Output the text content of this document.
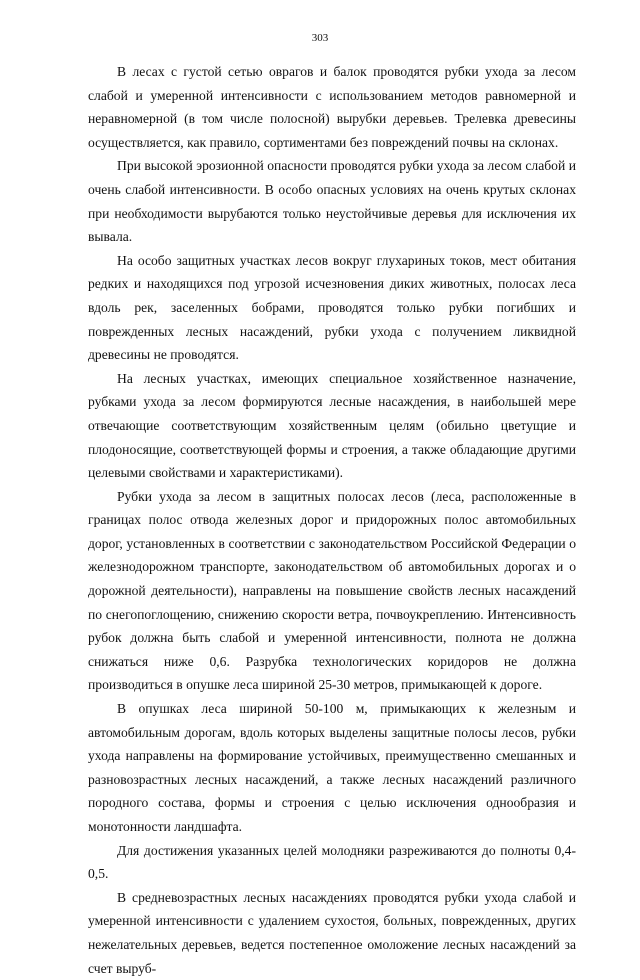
303

В лесах с густой сетью оврагов и балок проводятся рубки ухода за лесом слабой и умеренной интенсивности с использованием методов равномерной и неравномерной (в том числе полосной) вырубки деревьев. Трелевка древесины осуществляется, как правило, сортиментами без повреждений почвы на склонах.

При высокой эрозионной опасности проводятся рубки ухода за лесом слабой и очень слабой интенсивности. В особо опасных условиях на очень крутых склонах при необходимости вырубаются только неустойчивые деревья для исключения их вывала.

На особо защитных участках лесов вокруг глухариных токов, мест обитания редких и находящихся под угрозой исчезновения диких животных, полосах леса вдоль рек, заселенных бобрами, проводятся только рубки погибших и поврежденных лесных насаждений, рубки ухода с получением ликвидной древесины не проводятся.

На лесных участках, имеющих специальное хозяйственное назначение, рубками ухода за лесом формируются лесные насаждения, в наибольшей мере отвечающие соответствующим хозяйственным целям (обильно цветущие и плодоносящие, соответствующей формы и строения, а также обладающие другими целевыми свойствами и характеристиками).

Рубки ухода за лесом в защитных полосах лесов (леса, расположенные в границах полос отвода железных дорог и придорожных полос автомобильных дорог, установленных в соответствии с законодательством Российской Федерации о железнодорожном транспорте, законодательством об автомобильных дорогах и о дорожной деятельности), направлены на повышение свойств лесных насаждений по снегопоглощению, снижению скорости ветра, почвоукреплению. Интенсивность рубок должна быть слабой и умеренной интенсивности, полнота не должна снижаться ниже 0,6. Разрубка технологических коридоров не должна производиться в опушке леса шириной 25-30 метров, примыкающей к дороге.

В опушках леса шириной 50-100 м, примыкающих к железным и автомобильным дорогам, вдоль которых выделены защитные полосы лесов, рубки ухода направлены на формирование устойчивых, преимущественно смешанных и разновозрастных лесных насаждений, а также лесных насаждений различного породного состава, формы и строения с целью исключения однообразия и монотонности ландшафта.

Для достижения указанных целей молодняки разреживаются до полноты 0,4-0,5.

В средневозрастных лесных насаждениях проводятся рубки ухода слабой и умеренной интенсивности с удалением сухостоя, больных, поврежденных, других нежелательных деревьев, ведется постепенное омоложение лесных насаждений за счет выруб-
